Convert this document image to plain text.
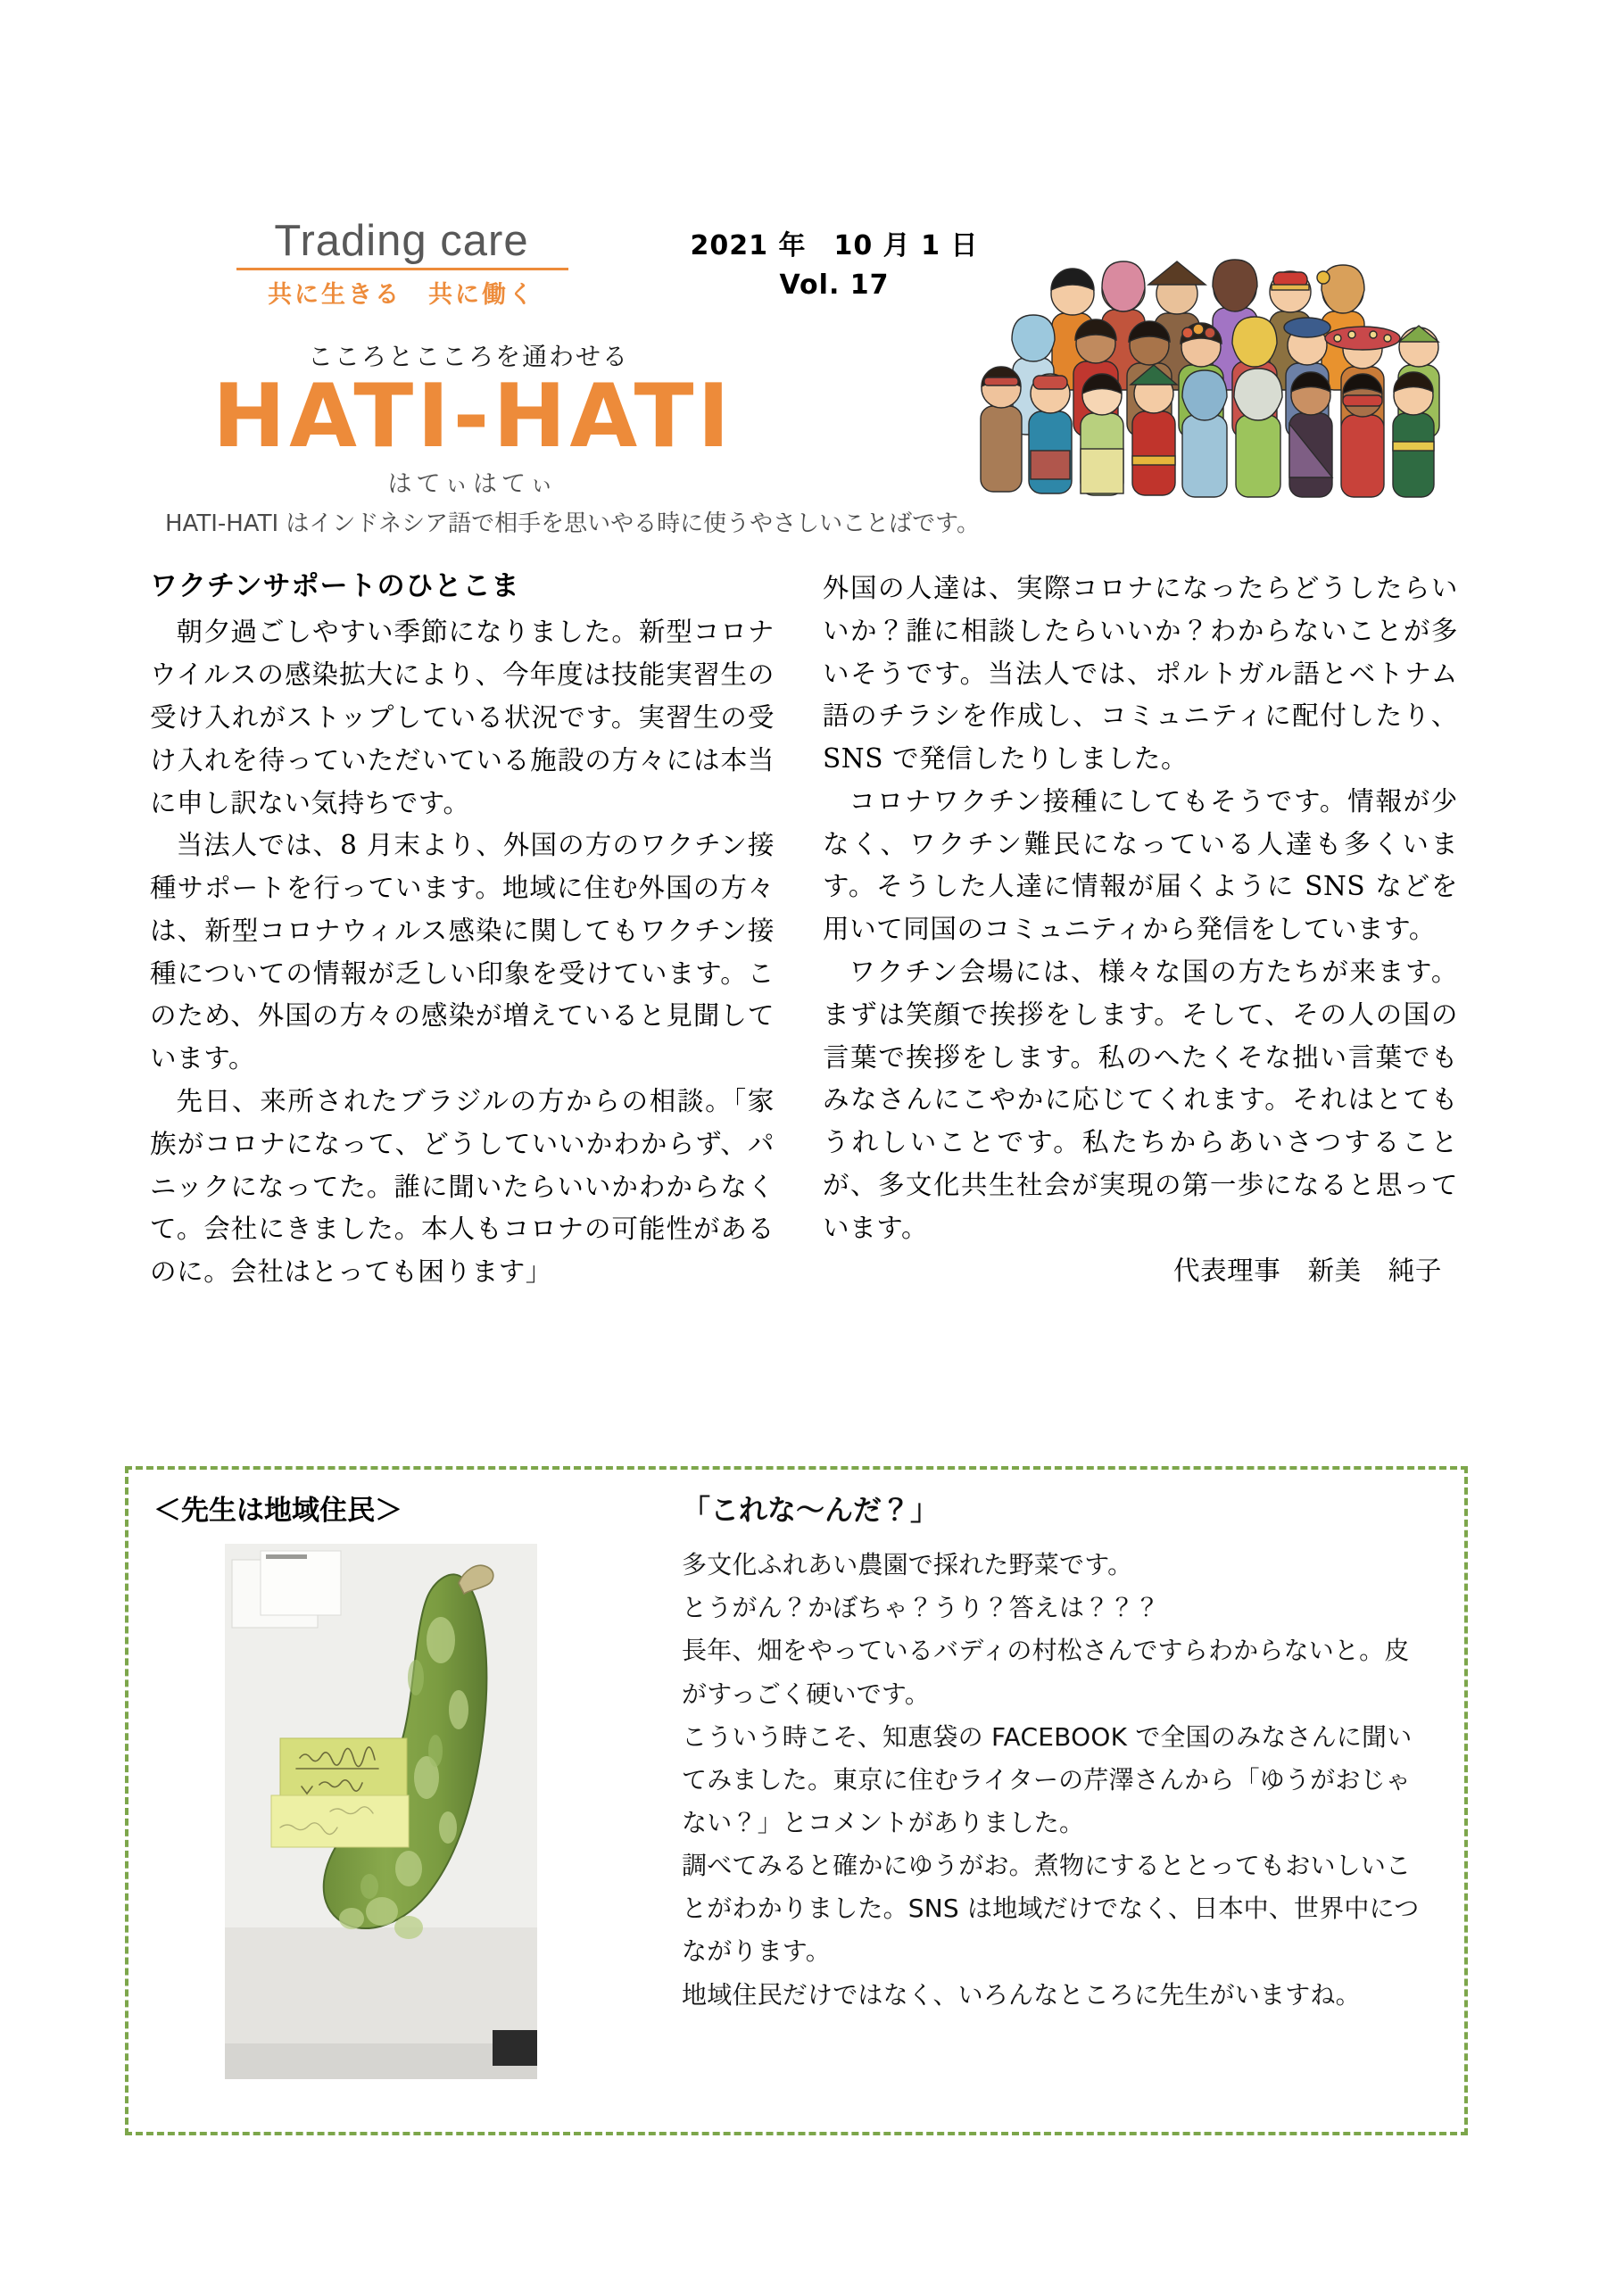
Trading care
共に生きる　共に働く
2021 年　10 月 1 日
Vol. 17
こころとこころを通わせる
HATI-HATI
はてぃはてぃ
HATI-HATI はインドネシア語で相手を思いやる時に使うやさしいことばです。
ワクチンサポートのひとこま

朝夕過ごしやすい季節になりました。新型コロナウイルスの感染拡大により、今年度は技能実習生の受け入れがストップしている状況です。実習生の受け入れを待っていただいている施設の方々には本当に申し訳ない気持ちです。

当法人では、8 月末より、外国の方のワクチン接種サポートを行っています。地域に住む外国の方々は、新型コロナウィルス感染に関してもワクチン接種についての情報が乏しい印象を受けています。このため、外国の方々の感染が増えていると見聞しています。

先日、来所されたブラジルの方からの相談。「家族がコロナになって、どうしていいかわからず、パニックになってた。誰に聞いたらいいかわからなくて。会社にきました。本人もコロナの可能性があるのに。会社はとっても困ります」

外国の人達は、実際コロナになったらどうしたらいいか？誰に相談したらいいか？わからないことが多いそうです。当法人では、ポルトガル語とベトナム語のチラシを作成し、コミュニティに配付したり、SNS で発信したりしました。

コロナワクチン接種にしてもそうです。情報が少なく、ワクチン難民になっている人達も多くいます。そうした人達に情報が届くように SNS などを用いて同国のコミュニティから発信をしています。

ワクチン会場には、様々な国の方たちが来ます。まずは笑顔で挨拶をします。そして、その人の国の言葉で挨拶をします。私のへたくそな拙い言葉でもみなさんにこやかに応じてくれます。それはとてもうれしいことです。私たちからあいさつすることが、多文化共生社会が実現の第一歩になると思っています。

代表理事　新美　純子

＜先生は地域住民＞	「これな～んだ？」

多文化ふれあい農園で採れた野菜です。

とうがん？かぼちゃ？うり？答えは？？？

長年、畑をやっているバディの村松さんですらわからないと。皮がすっごく硬いです。

こういう時こそ、知恵袋の FACEBOOK で全国のみなさんに聞いてみました。東京に住むライターの芹澤さんから「ゆうがおじゃない？」とコメントがありました。

調べてみると確かにゆうがお。煮物にするととってもおいしいことがわかりました。SNS は地域だけでなく、日本中、世界中につながります。

地域住民だけではなく、いろんなところに先生がいますね。
